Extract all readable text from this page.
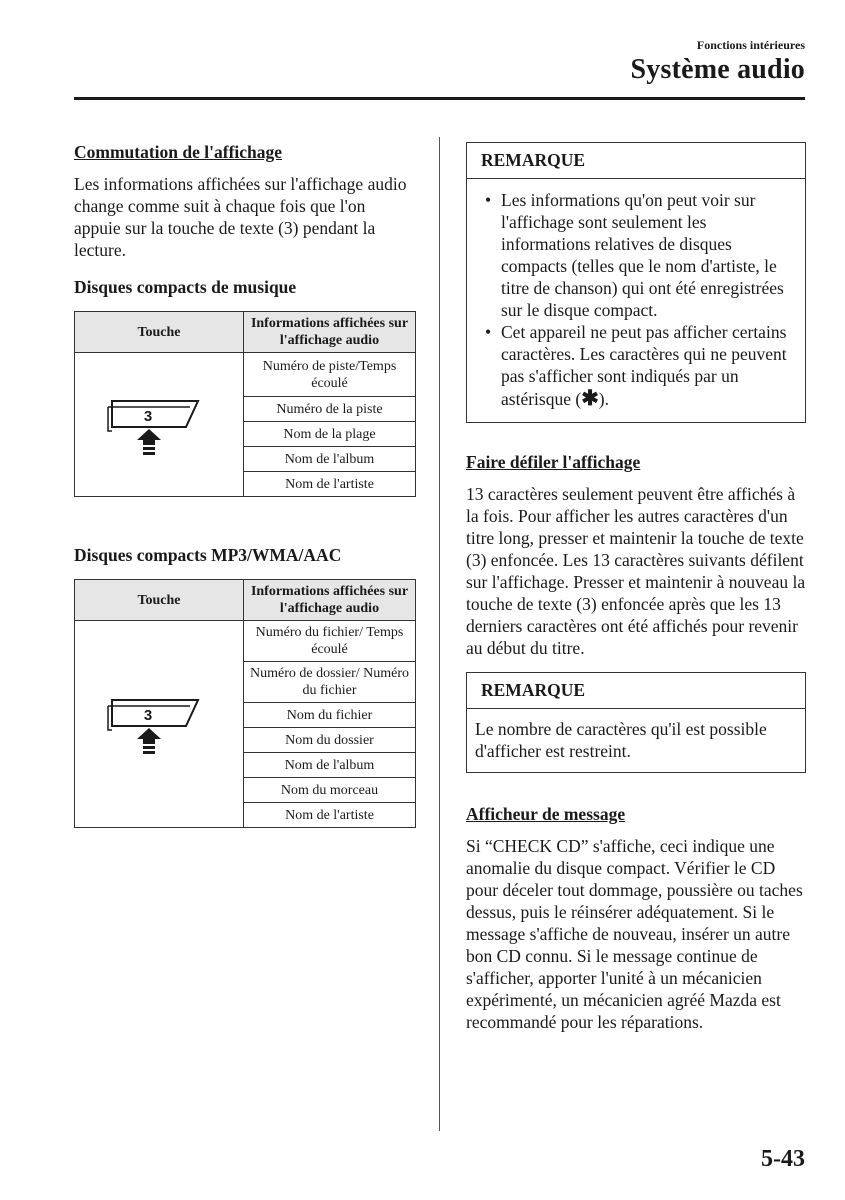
Fonctions intérieures
Système audio
Commutation de l'affichage

Les informations affichées sur l'affichage audio change comme suit à chaque fois que l'on appuie sur la touche de texte (3) pendant la lecture.

Disques compacts de musique
Touche	Informations affichées sur l'affichage audio

3	Numéro de piste/Temps écoulé
	Numéro de la piste
	Nom de la plage
	Nom de l'album
	Nom de l'artiste
Disques compacts MP3/WMA/AAC
Touche	Informations affichées sur l'affichage audio

3	Numéro du fichier/ Temps écoulé
	Numéro de dossier/ Numéro du fichier
	Nom du fichier
	Nom du dossier
	Nom de l'album
	Nom du morceau
	Nom de l'artiste
REMARQUE
• Les informations qu'on peut voir sur l'affichage sont seulement les informations relatives de disques compacts (telles que le nom d'artiste, le titre de chanson) qui ont été enregistrées sur le disque compact.
• Cet appareil ne peut pas afficher certains caractères. Les caractères qui ne peuvent pas s'afficher sont indiqués par un astérisque (✱).
Faire défiler l'affichage

13 caractères seulement peuvent être affichés à la fois. Pour afficher les autres caractères d'un titre long, presser et maintenir la touche de texte (3) enfoncée. Les 13 caractères suivants défilent sur l'affichage. Presser et maintenir à nouveau la touche de texte (3) enfoncée après que les 13 derniers caractères ont été affichés pour revenir au début du titre.

REMARQUE
Le nombre de caractères qu'il est possible d'afficher est restreint.
Afficheur de message

Si “CHECK CD” s'affiche, ceci indique une anomalie du disque compact. Vérifier le CD pour déceler tout dommage, poussière ou taches dessus, puis le réinsérer adéquatement. Si le message s'affiche de nouveau, insérer un autre bon CD connu. Si le message continue de s'afficher, apporter l'unité à un mécanicien expérimenté, un mécanicien agréé Mazda est recommandé pour les réparations.

5-43
